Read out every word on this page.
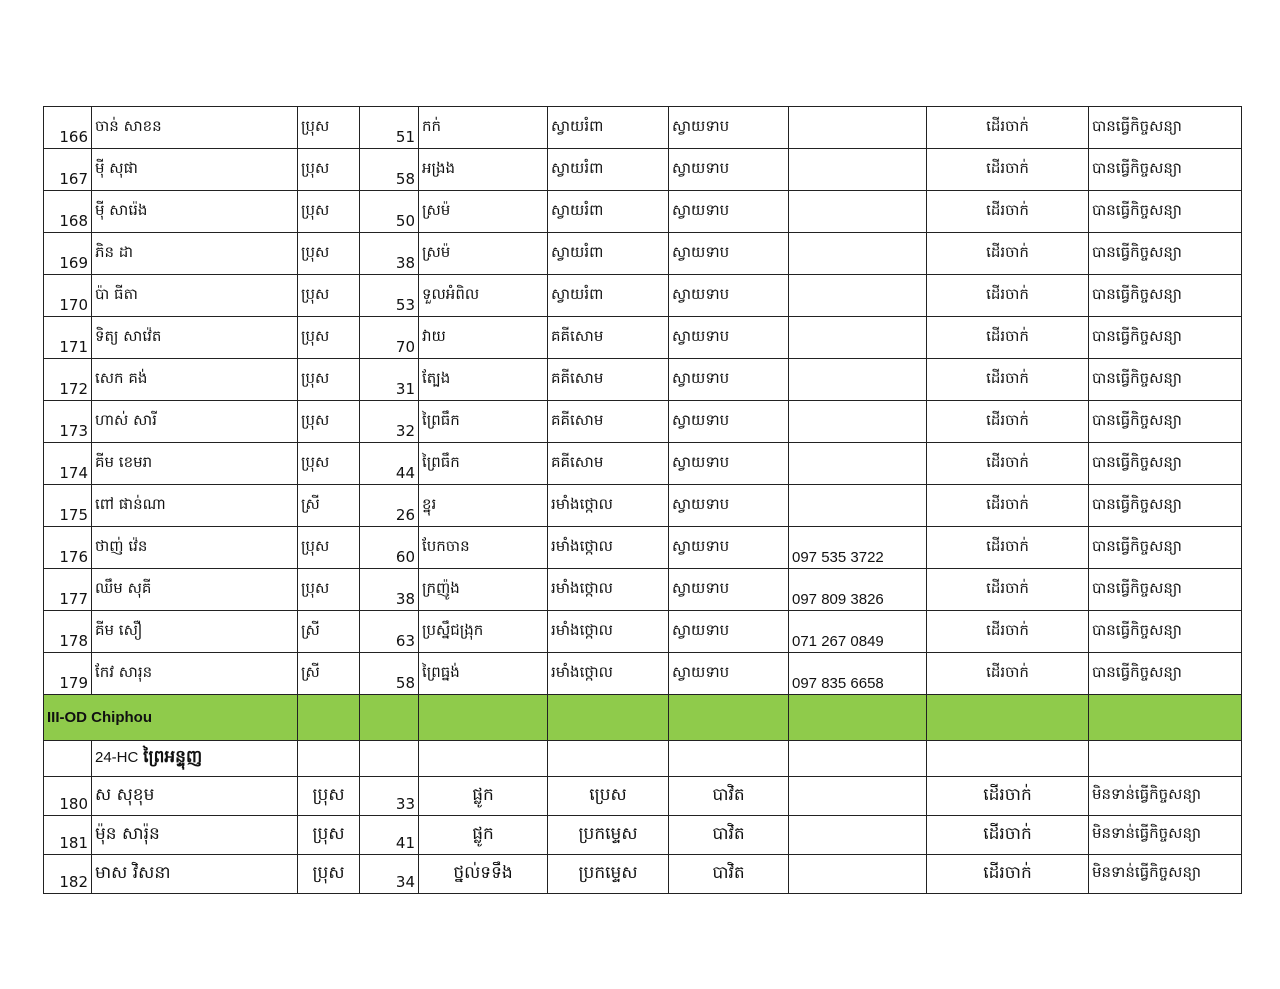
166	ចាន់ សាខន	ប្រុស	51	កក់	ស្វាយរំពា	ស្វាយទាប		ដើរចាក់	បានធ្វើកិច្ចសន្យា
167	ម៉ី សុផា	ប្រុស	58	អង្រង	ស្វាយរំពា	ស្វាយទាប		ដើរចាក់	បានធ្វើកិច្ចសន្យា
168	ម៉ី សារ៉េង	ប្រុស	50	ស្រម៉	ស្វាយរំពា	ស្វាយទាប		ដើរចាក់	បានធ្វើកិច្ចសន្យា
169	ភិន ដា	ប្រុស	38	ស្រម៉	ស្វាយរំពា	ស្វាយទាប		ដើរចាក់	បានធ្វើកិច្ចសន្យា
170	ប៉ា ធីតា	ប្រុស	53	ទួលអំពិល	ស្វាយរំពា	ស្វាយទាប		ដើរចាក់	បានធ្វើកិច្ចសន្យា
171	ទិត្យ សាវ៉េត	ប្រុស	70	វាយ	គគីសោម	ស្វាយទាប		ដើរចាក់	បានធ្វើកិច្ចសន្យា
172	សេក គង់	ប្រុស	31	ត្បែង	គគីសោម	ស្វាយទាប		ដើរចាក់	បានធ្វើកិច្ចសន្យា
173	ហាស់ សារី	ប្រុស	32	ព្រៃធឹក	គគីសោម	ស្វាយទាប		ដើរចាក់	បានធ្វើកិច្ចសន្យា
174	គីម ខេមរា	ប្រុស	44	ព្រៃធឹក	គគីសោម	ស្វាយទាប		ដើរចាក់	បានធ្វើកិច្ចសន្យា
175	ពៅ ផាន់ណា	ស្រី	26	ខ្នុរ	រមាំងថ្កោល	ស្វាយទាប		ដើរចាក់	បានធ្វើកិច្ចសន្យា
176	ថាញ់ វ៉េន	ប្រុស	60	បែកចាន	រមាំងថ្កោល	ស្វាយទាប	097 535 3722	ដើរចាក់	បានធ្វើកិច្ចសន្យា
177	ឈឹម សុគី	ប្រុស	38	ក្រញ៉ូង	រមាំងថ្កោល	ស្វាយទាប	097 809 3826	ដើរចាក់	បានធ្វើកិច្ចសន្យា
178	គីម សឿ	ស្រី	63	ប្រស្នឹជង្រុក	រមាំងថ្កោល	ស្វាយទាប	071 267 0849	ដើរចាក់	បានធ្វើកិច្ចសន្យា
179	កែវ សារុន	ស្រី	58	ព្រៃធ្នង់	រមាំងថ្កោល	ស្វាយទាប	097 835 6658	ដើរចាក់	បានធ្វើកិច្ចសន្យា
III-OD Chiphou									
	24-HC ព្រៃអន្ទុញ								
180	ស សុខុម	ប្រុស	33	ផ្លូក	ប្រេស	បាវិត		ដើរចាក់	មិនទាន់ធ្វើកិច្ចសន្យា
181	ម៉ុន សារ៉ុន	ប្រុស	41	ផ្លូក	ប្រកម្ទេស	បាវិត		ដើរចាក់	មិនទាន់ធ្វើកិច្ចសន្យា
182	មាស វិសនា	ប្រុស	34	ថ្នល់ទទឹង	ប្រកម្ទេស	បាវិត		ដើរចាក់	មិនទាន់ធ្វើកិច្ចសន្យា
